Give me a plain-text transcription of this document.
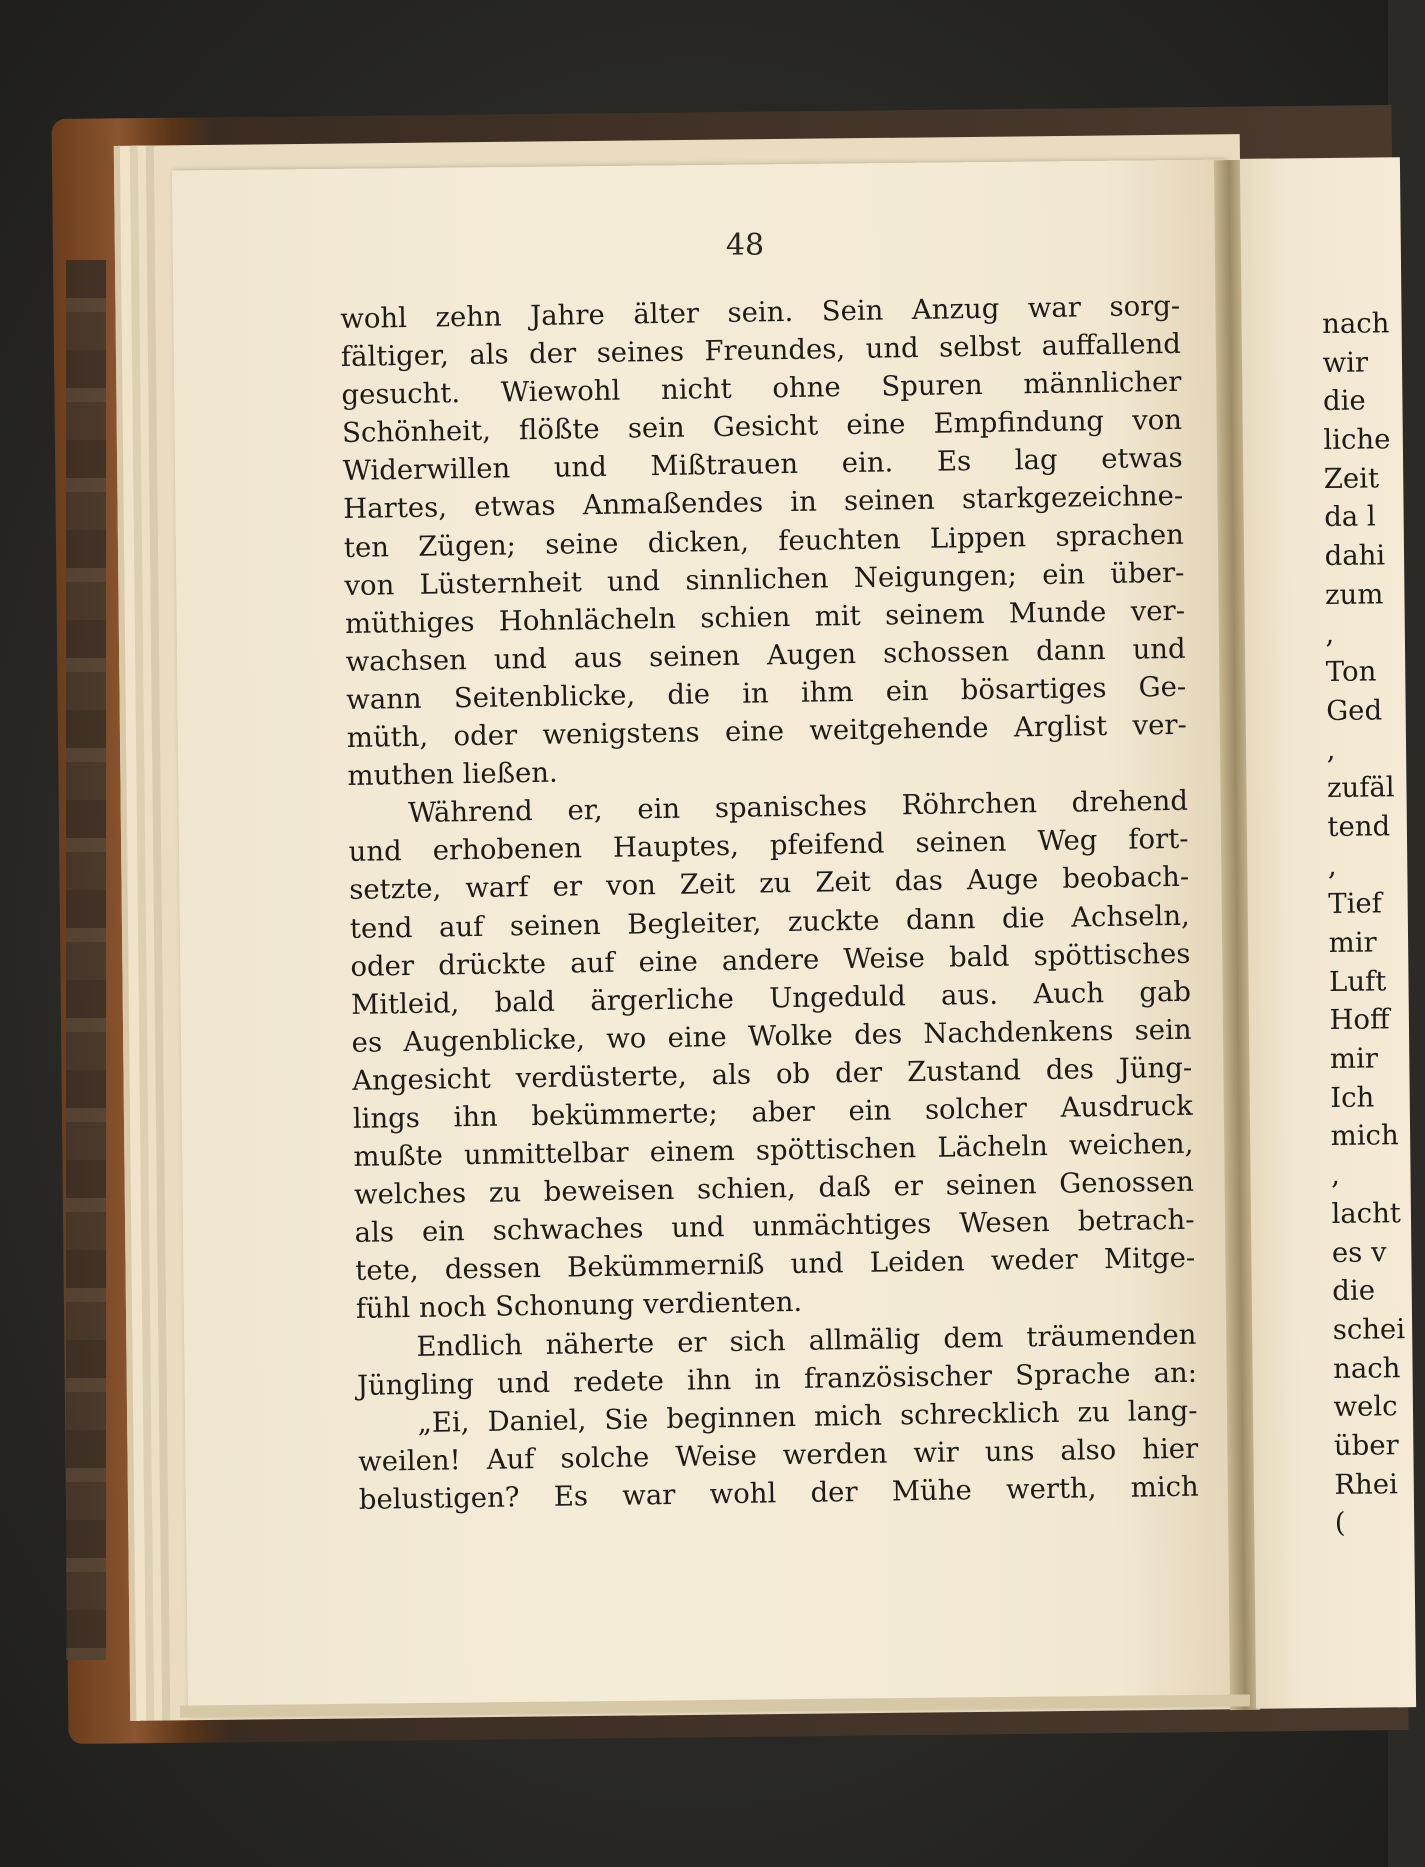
48
wohl zehn Jahre älter sein. Sein Anzug war sorg-
fältiger, als der seines Freundes, und selbst auffallend
gesucht. Wiewohl nicht ohne Spuren männlicher
Schönheit, flößte sein Gesicht eine Empfindung von
Widerwillen und Mißtrauen ein. Es lag etwas
Hartes, etwas Anmaßendes in seinen starkgezeichne-
ten Zügen; seine dicken, feuchten Lippen sprachen
von Lüsternheit und sinnlichen Neigungen; ein über-
müthiges Hohnlächeln schien mit seinem Munde ver-
wachsen und aus seinen Augen schossen dann und
wann Seitenblicke, die in ihm ein bösartiges Ge-
müth, oder wenigstens eine weitgehende Arglist ver-
muthen ließen.
Während er, ein spanisches Röhrchen drehend
und erhobenen Hauptes, pfeifend seinen Weg fort-
setzte, warf er von Zeit zu Zeit das Auge beobach-
tend auf seinen Begleiter, zuckte dann die Achseln,
oder drückte auf eine andere Weise bald spöttisches
Mitleid, bald ärgerliche Ungeduld aus. Auch gab
es Augenblicke, wo eine Wolke des Nachdenkens sein
Angesicht verdüsterte, als ob der Zustand des Jüng-
lings ihn bekümmerte; aber ein solcher Ausdruck
mußte unmittelbar einem spöttischen Lächeln weichen,
welches zu beweisen schien, daß er seinen Genossen
als ein schwaches und unmächtiges Wesen betrach-
tete, dessen Bekümmerniß und Leiden weder Mitge-
fühl noch Schonung verdienten.
Endlich näherte er sich allmälig dem träumenden
Jüngling und redete ihn in französischer Sprache an:
„Ei, Daniel, Sie beginnen mich schrecklich zu lang-
weilen! Auf solche Weise werden wir uns also hier
belustigen? Es war wohl der Mühe werth, mich
nach
wir
die
liche
Zeit
da l
dahi
zum
,
Ton
Ged
,
zufäl
tend
,
Tief
mir
Luft
Hoff
mir
Ich
mich
,
lacht
es v
die
schei
nach
welc
über
Rhei
(
